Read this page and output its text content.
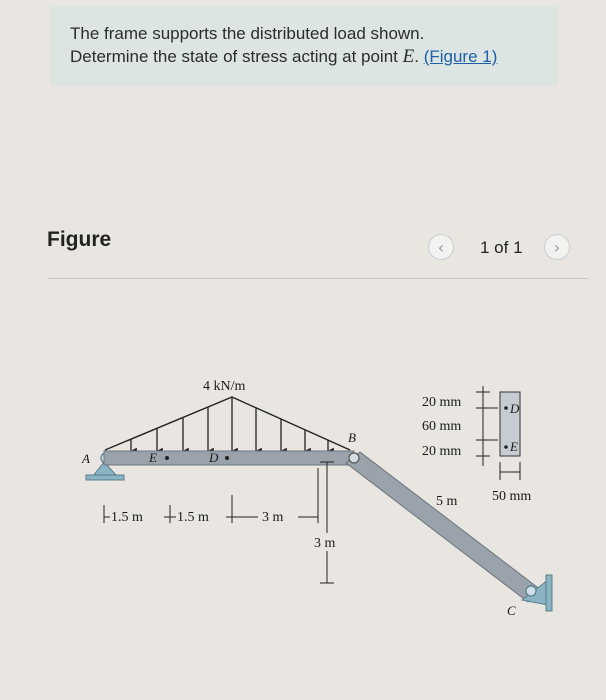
The frame supports the distributed load shown.
Determine the state of stress acting at point E. (Figure 1)
Figure	‹ 1 of 1 ›
4 kN/m
A	E	D
B
C
1.5 m 1.5 m	3 m
3 m
5 m
20 mm
60 mm
20 mm
50 mm
D
E
